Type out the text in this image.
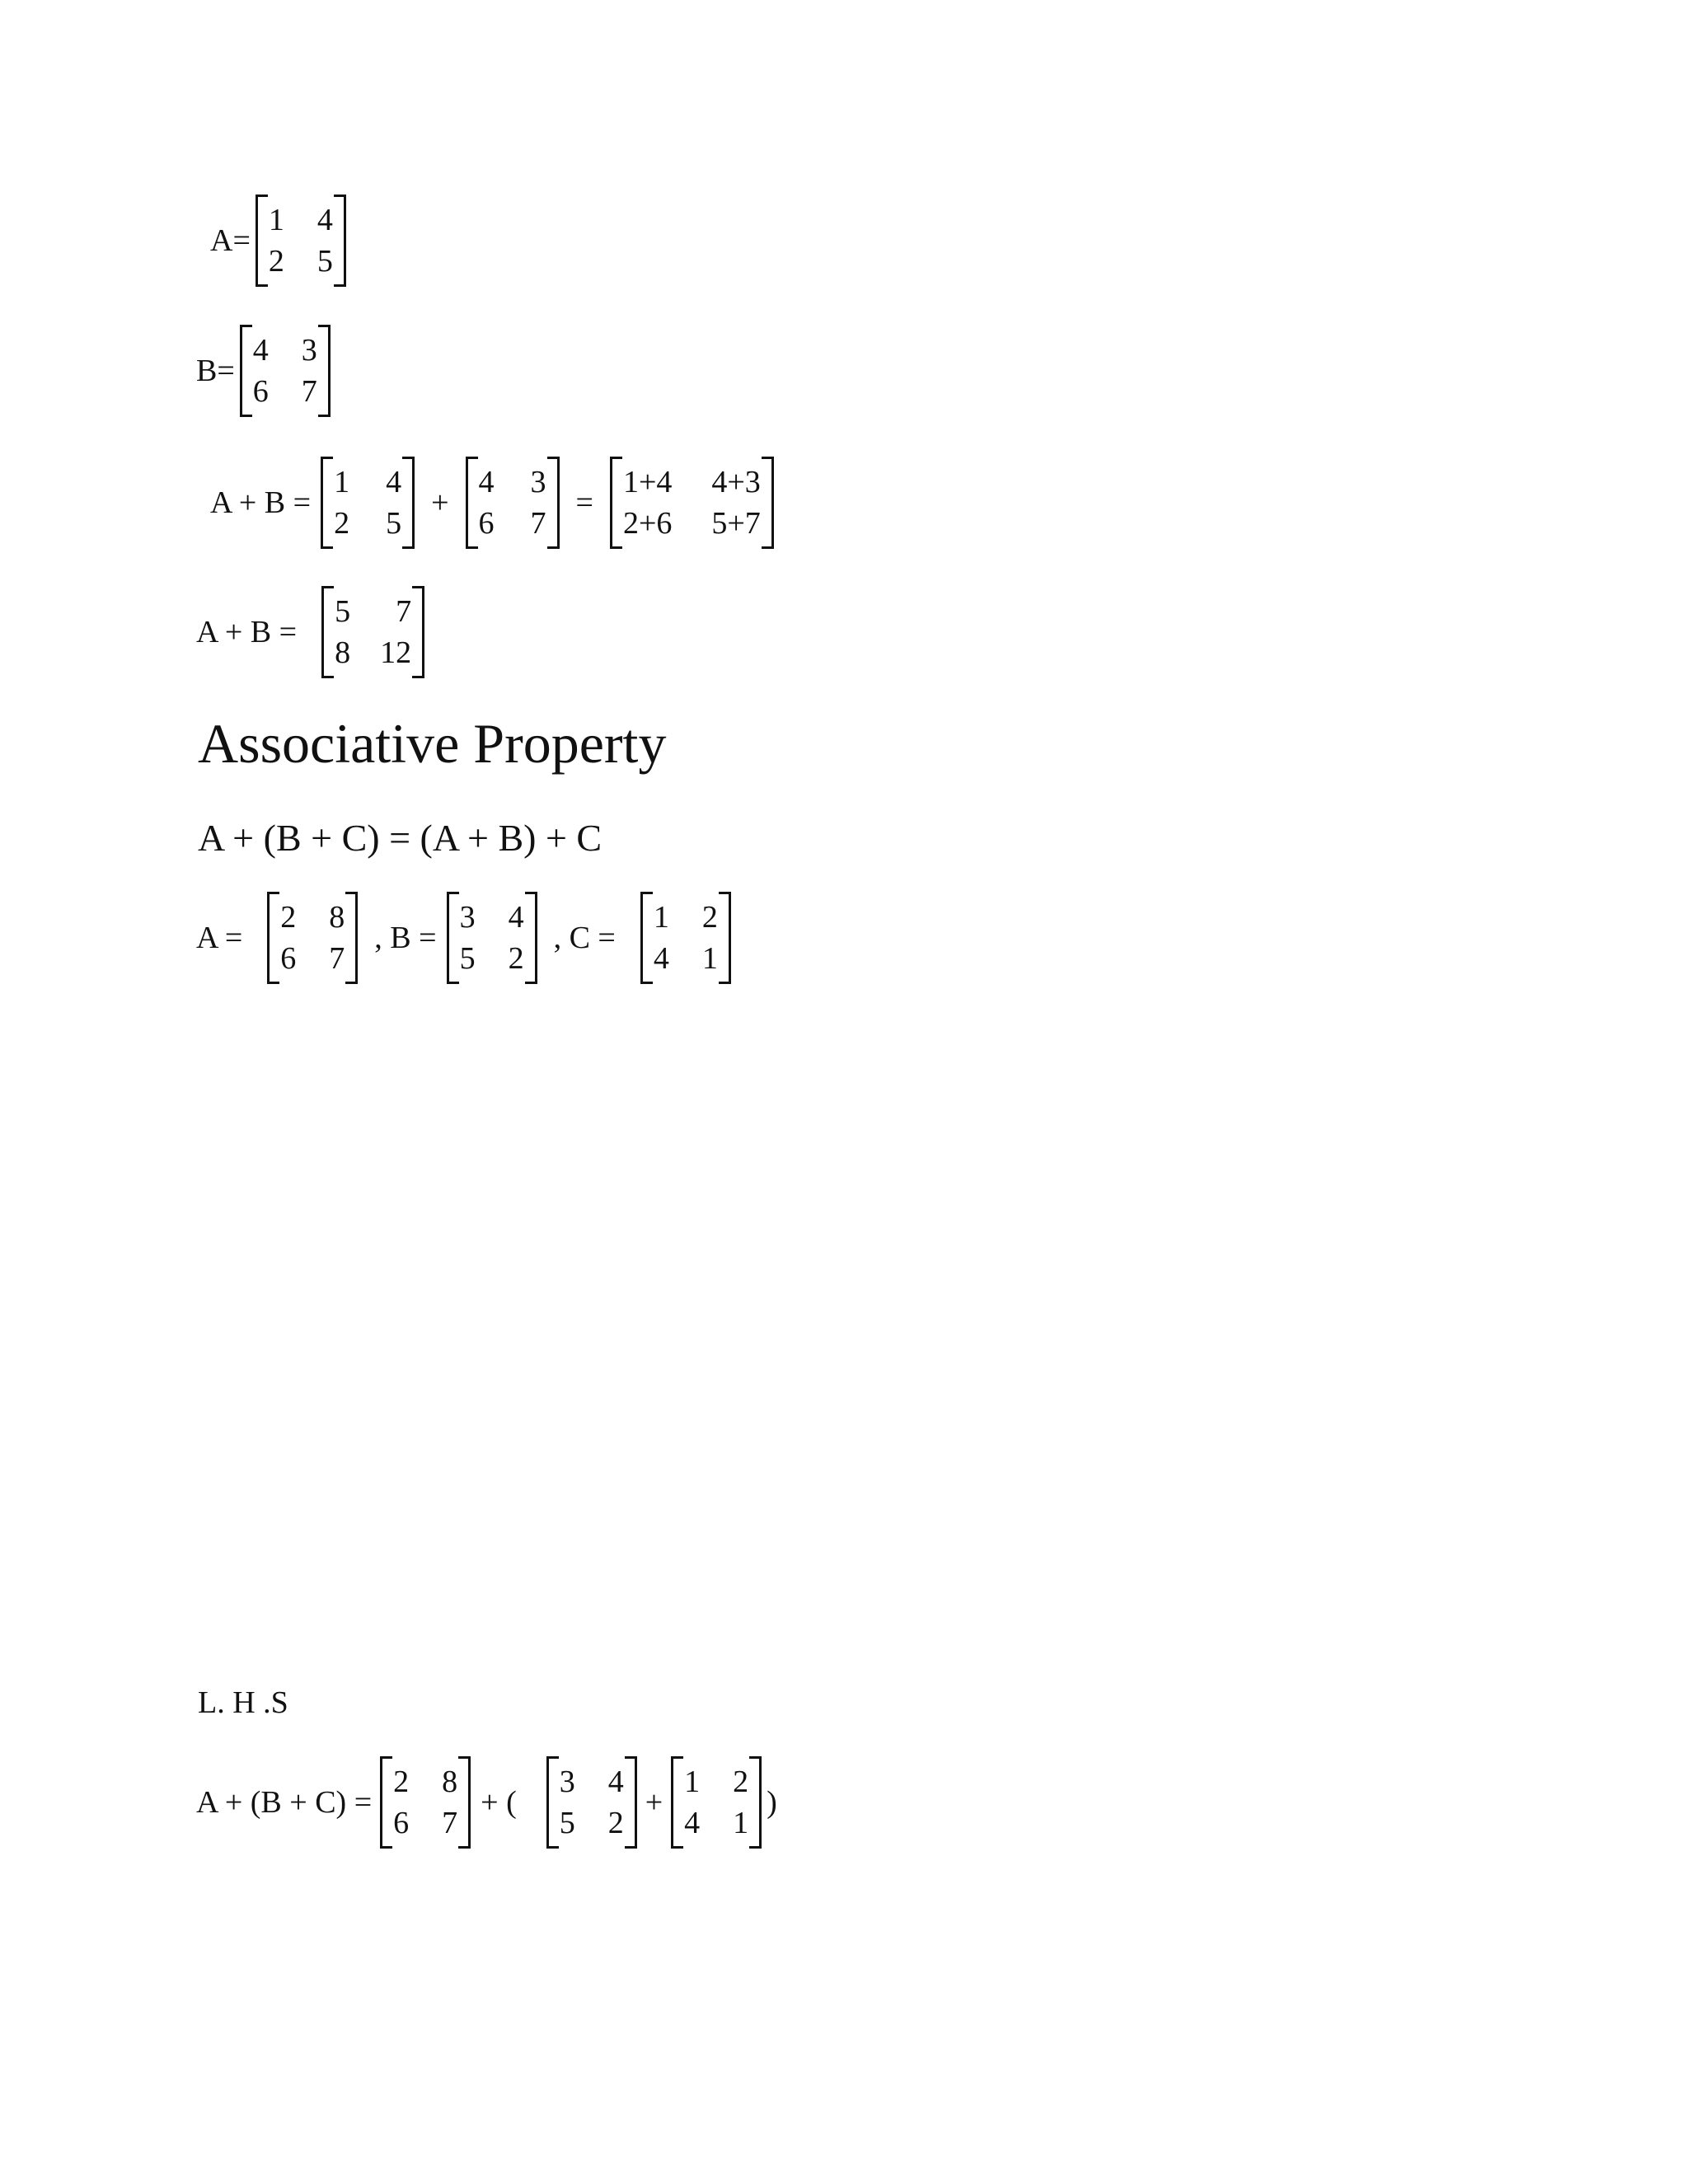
A=
1 4
2 5
B=
4 3
6 7
A + B =
1 4
2 5
+
4 3
6 7
=
1+4 4+3
2+6 5+7
A + B =
5	7
8 12
Associative Property
A + (B + C) = (A + B) + C
A =
2 8
6 7
, B =
3 4
5 2
, C =
1 2
4 1
L. H .S
A + (B + C) =
2 8
6 7
+ (
3 4
5 2
+
1 2
4 1
)
